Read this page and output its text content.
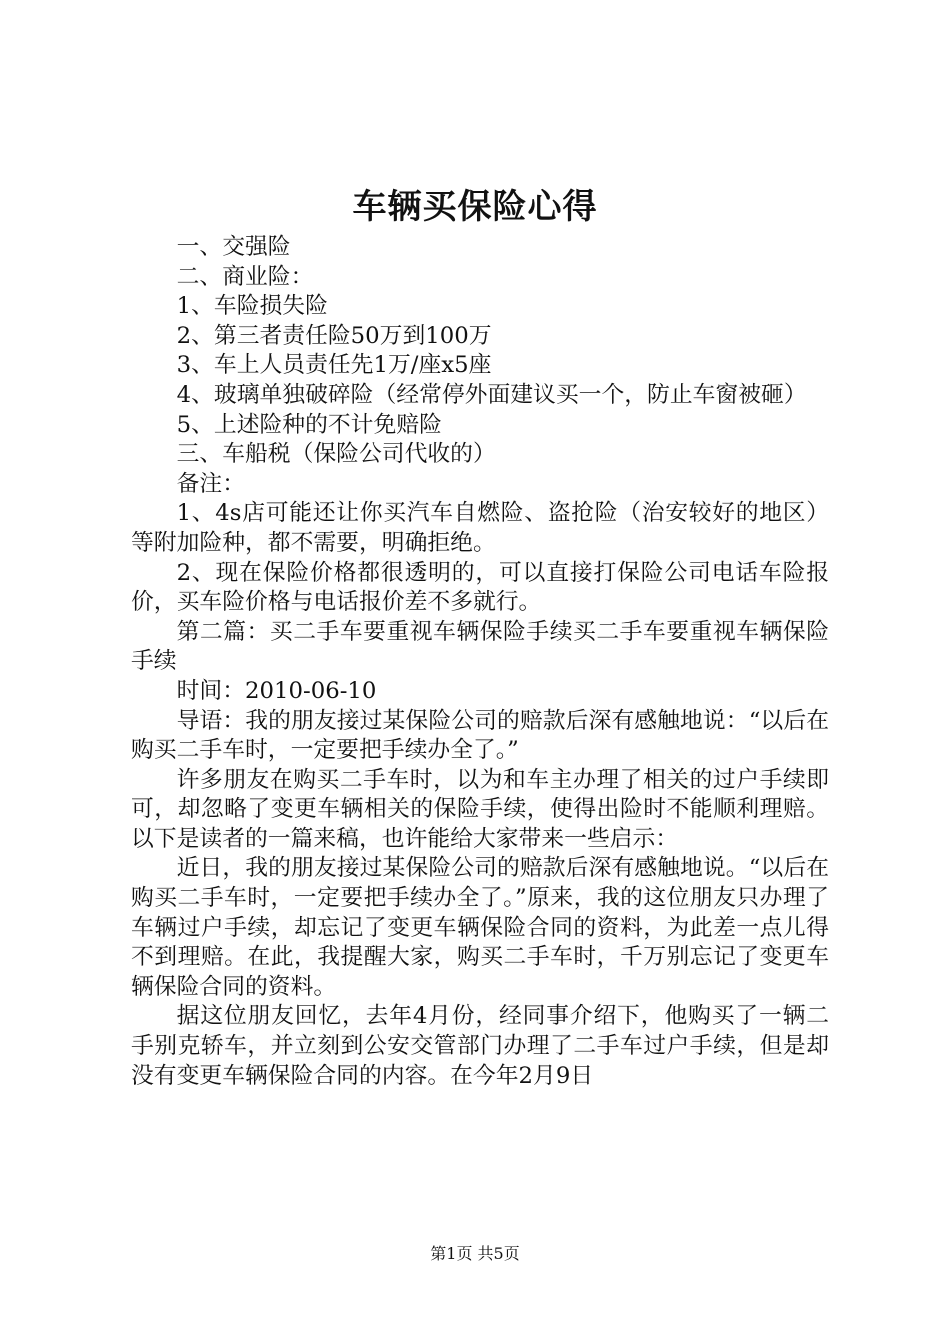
车辆买保险心得

一、交强险

二、商业险：

1、车险损失险

2、第三者责任险50万到100万

3、车上人员责任先1万/座x5座

4、玻璃单独破碎险（经常停外面建议买一个，防止车窗被砸）

5、上述险种的不计免赔险

三、车船税（保险公司代收的）

备注：

1、4s店可能还让你买汽车自燃险、盗抢险（治安较好的地区）等附加险种，都不需要，明确拒绝。

2、现在保险价格都很透明的，可以直接打保险公司电话车险报价，买车险价格与电话报价差不多就行。

第二篇：买二手车要重视车辆保险手续买二手车要重视车辆保险手续

时间：2010-06-10

导语：我的朋友接过某保险公司的赔款后深有感触地说：“以后在购买二手车时，一定要把手续办全了。”

许多朋友在购买二手车时，以为和车主办理了相关的过户手续即可，却忽略了变更车辆相关的保险手续，使得出险时不能顺利理赔。以下是读者的一篇来稿，也许能给大家带来一些启示：

近日，我的朋友接过某保险公司的赔款后深有感触地说。“以后在购买二手车时，一定要把手续办全了。”原来，我的这位朋友只办理了车辆过户手续，却忘记了变更车辆保险合同的资料，为此差一点儿得不到理赔。在此，我提醒大家，购买二手车时，千万别忘记了变更车辆保险合同的资料。

据这位朋友回忆，去年4月份，经同事介绍下，他购买了一辆二手别克轿车，并立刻到公安交管部门办理了二手车过户手续，但是却没有变更车辆保险合同的内容。在今年2月9日

第1页 共5页
